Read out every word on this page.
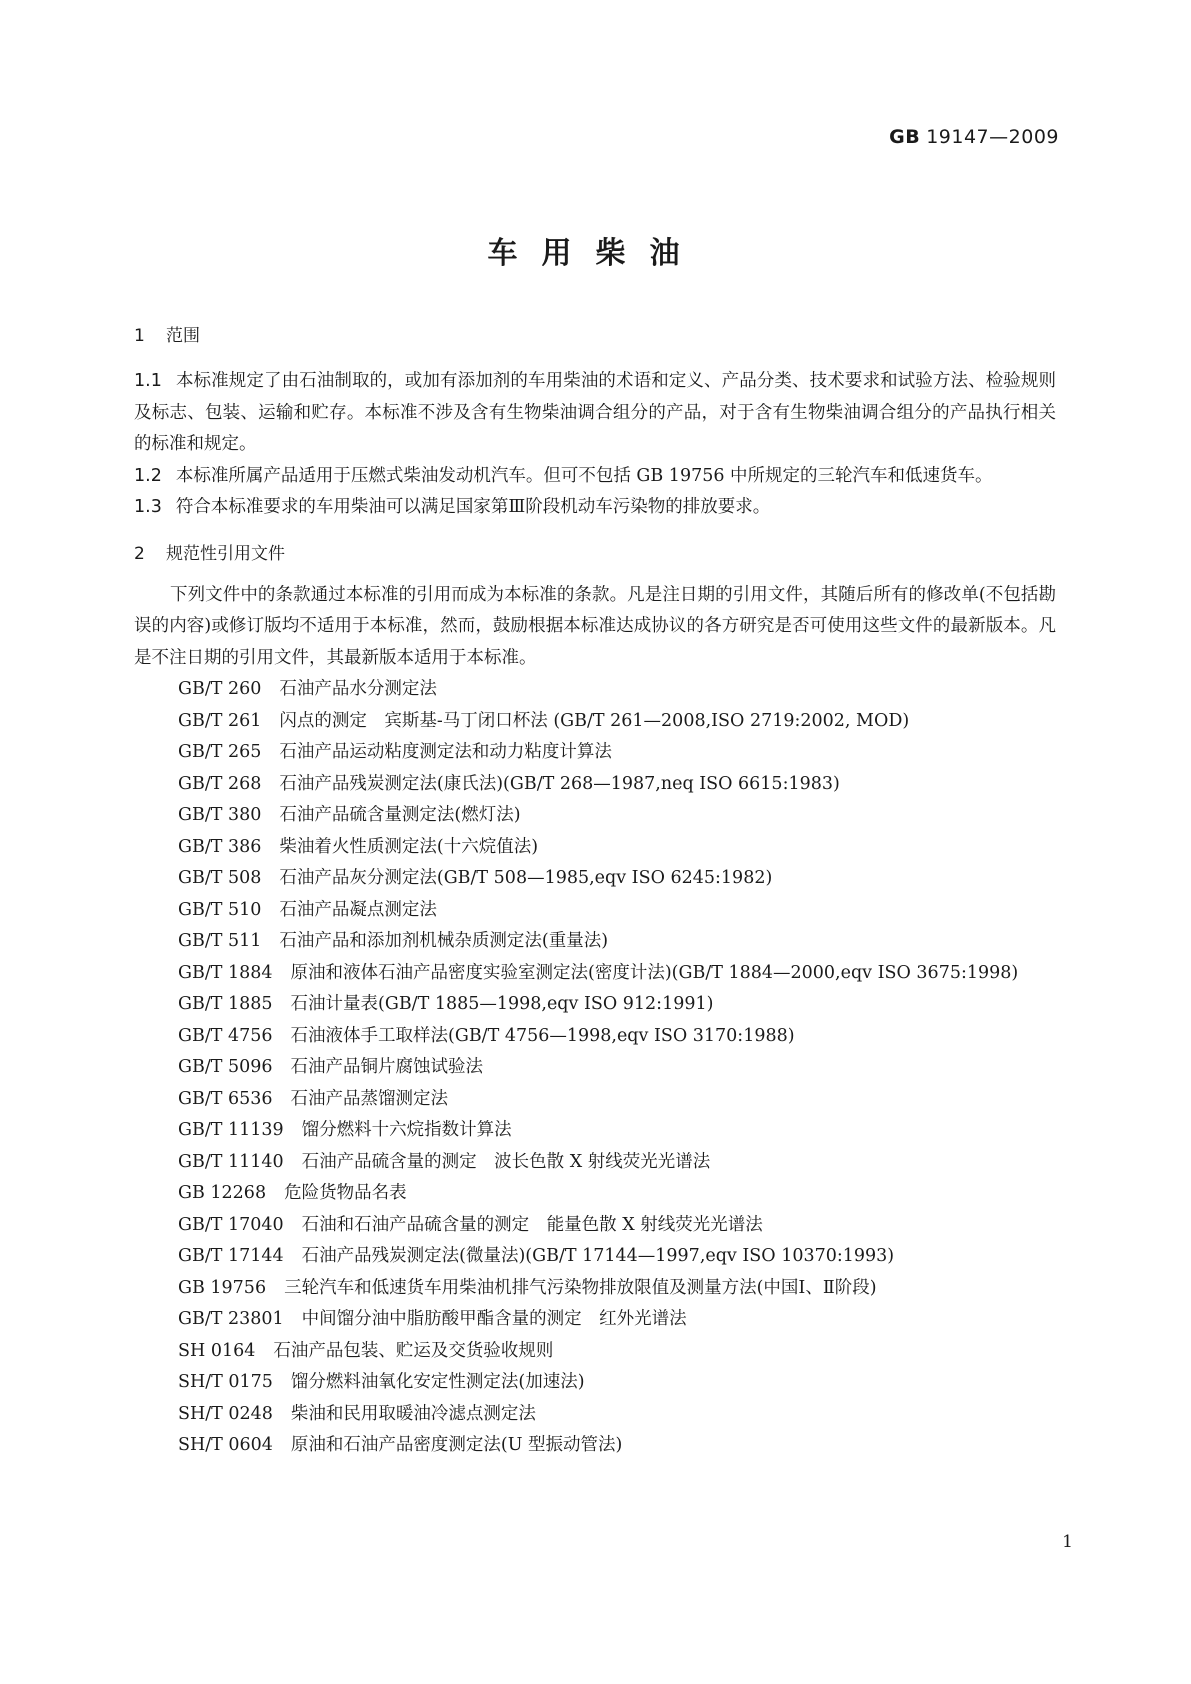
GB 19147—2009
车用柴油
1 范围
1.1 本标准规定了由石油制取的，或加有添加剂的车用柴油的术语和定义、产品分类、技术要求和试验方法、检验规则及标志、包装、运输和贮存。本标准不涉及含有生物柴油调合组分的产品，对于含有生物柴油调合组分的产品执行相关的标准和规定。
1.2 本标准所属产品适用于压燃式柴油发动机汽车。但可不包括 GB 19756 中所规定的三轮汽车和低速货车。
1.3 符合本标准要求的车用柴油可以满足国家第Ⅲ阶段机动车污染物的排放要求。
2 规范性引用文件
下列文件中的条款通过本标准的引用而成为本标准的条款。凡是注日期的引用文件，其随后所有的修改单(不包括勘误的内容)或修订版均不适用于本标准，然而，鼓励根据本标准达成协议的各方研究是否可使用这些文件的最新版本。凡是不注日期的引用文件，其最新版本适用于本标准。
GB/T 260 石油产品水分测定法
GB/T 261 闪点的测定　宾斯基-马丁闭口杯法 (GB/T 261—2008,ISO 2719:2002, MOD)
GB/T 265 石油产品运动粘度测定法和动力粘度计算法
GB/T 268 石油产品残炭测定法(康氏法)(GB/T 268—1987,neq ISO 6615:1983)
GB/T 380 石油产品硫含量测定法(燃灯法)
GB/T 386 柴油着火性质测定法(十六烷值法)
GB/T 508 石油产品灰分测定法(GB/T 508—1985,eqv ISO 6245:1982)
GB/T 510 石油产品凝点测定法
GB/T 511 石油产品和添加剂机械杂质测定法(重量法)
GB/T 1884 原油和液体石油产品密度实验室测定法(密度计法)(GB/T 1884—2000,eqv ISO 3675:1998)
GB/T 1885 石油计量表(GB/T 1885—1998,eqv ISO 912:1991)
GB/T 4756 石油液体手工取样法(GB/T 4756—1998,eqv ISO 3170:1988)
GB/T 5096 石油产品铜片腐蚀试验法
GB/T 6536 石油产品蒸馏测定法
GB/T 11139 馏分燃料十六烷指数计算法
GB/T 11140 石油产品硫含量的测定　波长色散 X 射线荧光光谱法
GB 12268 危险货物品名表
GB/T 17040 石油和石油产品硫含量的测定　能量色散 X 射线荧光光谱法
GB/T 17144 石油产品残炭测定法(微量法)(GB/T 17144—1997,eqv ISO 10370:1993)
GB 19756 三轮汽车和低速货车用柴油机排气污染物排放限值及测量方法(中国Ⅰ、Ⅱ阶段)
GB/T 23801 中间馏分油中脂肪酸甲酯含量的测定　红外光谱法
SH 0164 石油产品包装、贮运及交货验收规则
SH/T 0175 馏分燃料油氧化安定性测定法(加速法)
SH/T 0248 柴油和民用取暖油冷滤点测定法
SH/T 0604 原油和石油产品密度测定法(U 型振动管法)
1
